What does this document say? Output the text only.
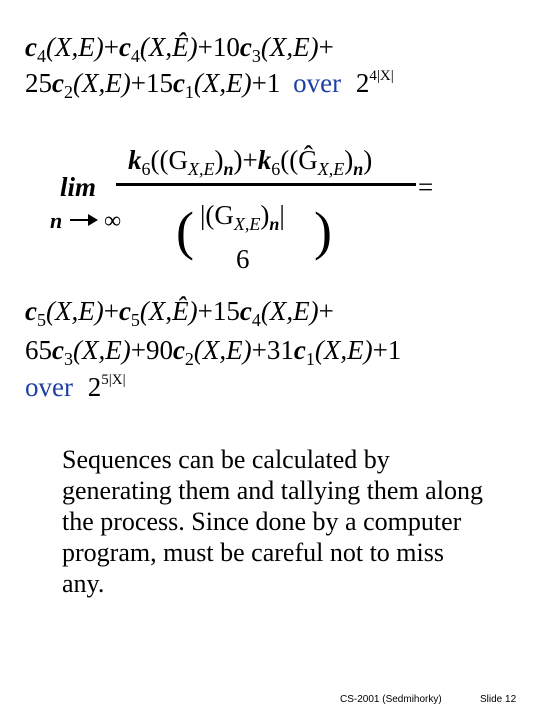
$c_4(X,E)+c_4(X,Ê)+10c_3(X,E)+$
$25c_2(X,E)+15c_1(X,E)+1$ over $2^{4|X|}$
lim
n ∞
$k_6((G_{X,E})_n)+k_6((Ĝ_{X,E})_n)$
=
( $|(G_{X,E})_n|$
6 )
$c_5(X,E)+c_5(X,Ê)+15c_4(X,E)+$
$65c_3(X,E)+90c_2(X,E)+31c_1(X,E)+1$
over $2^{5|X|}$
Sequences can be calculated by generating them and tallying them along the process. Since done by a computer program, must be careful not to miss any.
CS-2001 (Sedmihorky)	Slide 12
